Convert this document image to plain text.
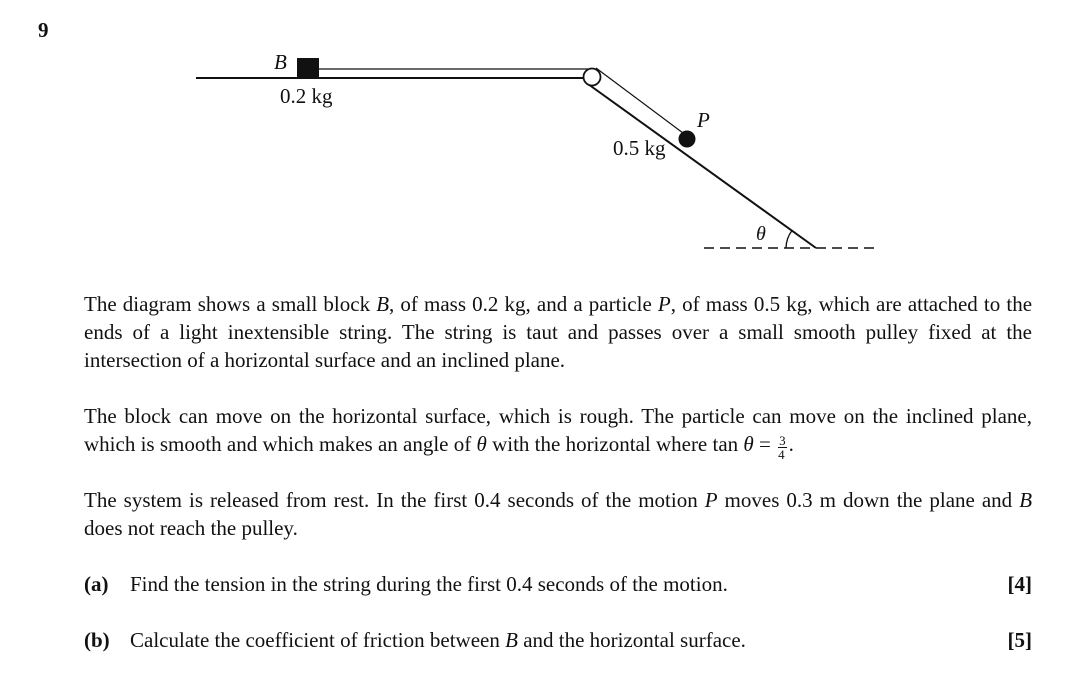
9
B
0.2 kg
P
0.5 kg
θ
The diagram shows a small block B, of mass 0.2 kg, and a particle P, of mass 0.5 kg, which are attached to the ends of a light inextensible string. The string is taut and passes over a small smooth pulley fixed at the intersection of a horizontal surface and an inclined plane.
The block can move on the horizontal surface, which is rough. The particle can move on the inclined plane, which is smooth and which makes an angle of θ with the horizontal where $\tan \theta = \frac{3}{4}$ .
The system is released from rest. In the first 0.4 seconds of the motion P moves 0.3 m down the plane and B does not reach the pulley.
(a) Find the tension in the string during the first 0.4 seconds of the motion.	[4]
(b) Calculate the coefficient of friction between B and the horizontal surface.	[5]
